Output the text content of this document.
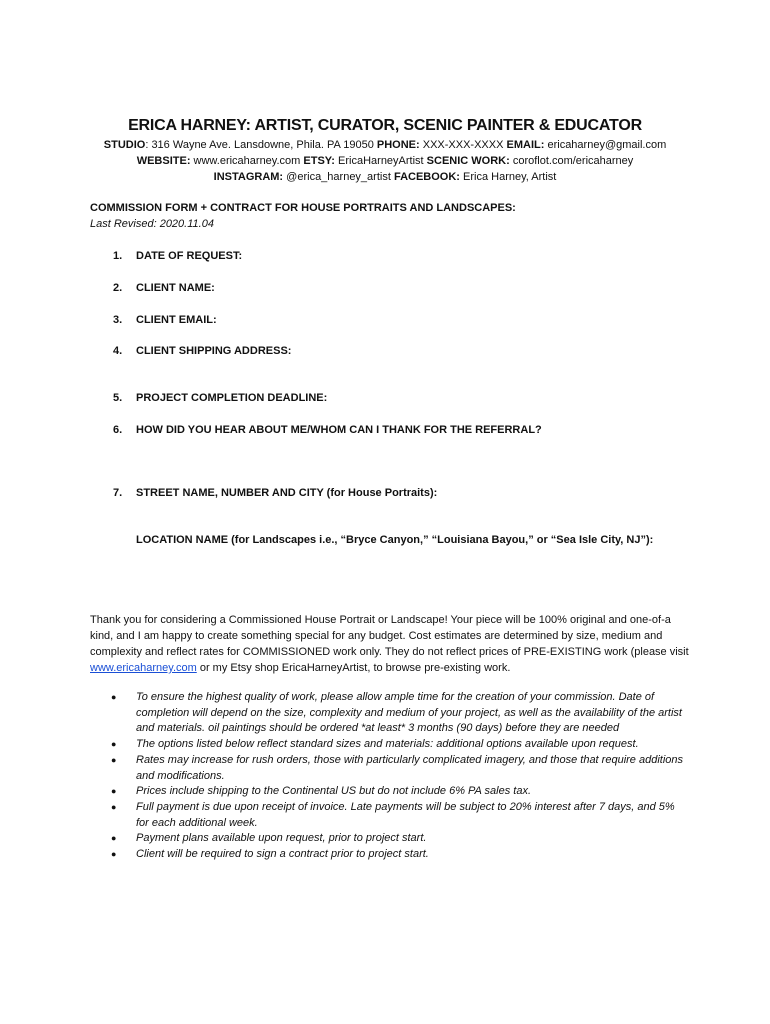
ERICA HARNEY: ARTIST, CURATOR, SCENIC PAINTER & EDUCATOR
STUDIO: 316 Wayne Ave. Lansdowne, Phila. PA 19050 PHONE: XXX-XXX-XXXX EMAIL: ericaharney@gmail.com
WEBSITE: www.ericaharney.com ETSY: EricaHarneyArtist SCENIC WORK: coroflot.com/ericaharney
INSTAGRAM: @erica_harney_artist FACEBOOK: Erica Harney, Artist
COMMISSION FORM + CONTRACT FOR HOUSE PORTRAITS AND LANDSCAPES:
Last Revised: 2020.11.04
1. DATE OF REQUEST:
2. CLIENT NAME:
3. CLIENT EMAIL:
4. CLIENT SHIPPING ADDRESS:
5. PROJECT COMPLETION DEADLINE:
6. HOW DID YOU HEAR ABOUT ME/WHOM CAN I THANK FOR THE REFERRAL?
7. STREET NAME, NUMBER AND CITY (for House Portraits):
LOCATION NAME (for Landscapes i.e., “Bryce Canyon,” “Louisiana Bayou,” or “Sea Isle City, NJ”):
Thank you for considering a Commissioned House Portrait or Landscape! Your piece will be 100% original and one-of-a kind, and I am happy to create something special for any budget. Cost estimates are determined by size, medium and complexity and reflect rates for COMMISSIONED work only. They do not reflect prices of PRE-EXISTING work (please visit www.ericaharney.com or my Etsy shop EricaHarneyArtist, to browse pre-existing work.
● To ensure the highest quality of work, please allow ample time for the creation of your commission. Date of completion will depend on the size, complexity and medium of your project, as well as the availability of the artist and materials. oil paintings should be ordered *at least* 3 months (90 days) before they are needed
● The options listed below reflect standard sizes and materials: additional options available upon request.
● Rates may increase for rush orders, those with particularly complicated imagery, and those that require additions and modifications.
● Prices include shipping to the Continental US but do not include 6% PA sales tax.
● Full payment is due upon receipt of invoice. Late payments will be subject to 20% interest after 7 days, and 5% for each additional week.
● Payment plans available upon request, prior to project start.
● Client will be required to sign a contract prior to project start.
